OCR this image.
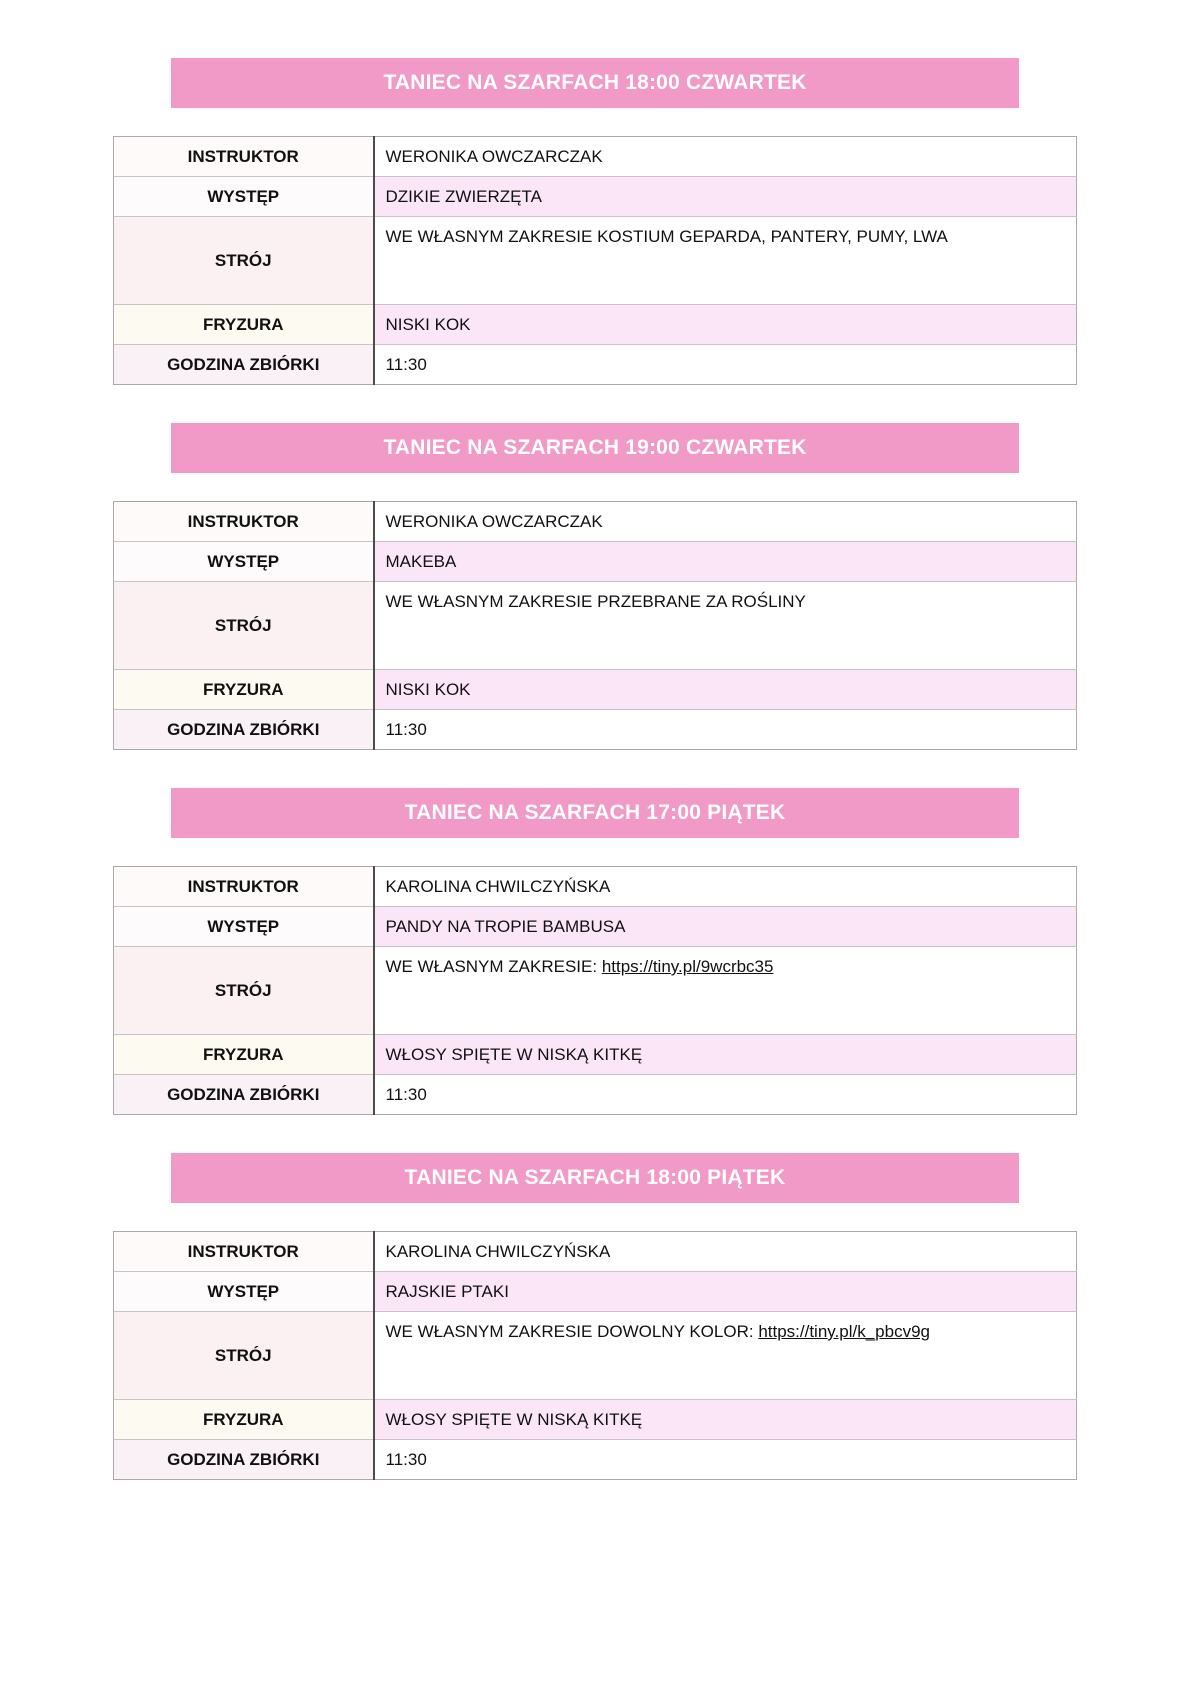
TANIEC NA SZARFACH 18:00 CZWARTEK
INSTRUKTOR	WERONIKA OWCZARCZAK
WYSTĘP	DZIKIE ZWIERZĘTA
STRÓJ	WE WŁASNYM ZAKRESIE KOSTIUM GEPARDA, PANTERY, PUMY, LWA
FRYZURA	NISKI KOK
GODZINA ZBIÓRKI	11:30
TANIEC NA SZARFACH 19:00 CZWARTEK
INSTRUKTOR	WERONIKA OWCZARCZAK
WYSTĘP	MAKEBA
STRÓJ	WE WŁASNYM ZAKRESIE PRZEBRANE ZA ROŚLINY
FRYZURA	NISKI KOK
GODZINA ZBIÓRKI	11:30
TANIEC NA SZARFACH 17:00 PIĄTEK
INSTRUKTOR	KAROLINA CHWILCZYŃSKA
WYSTĘP	PANDY NA TROPIE BAMBUSA
STRÓJ	WE WŁASNYM ZAKRESIE: https://tiny.pl/9wcrbc35
FRYZURA	WŁOSY SPIĘTE W NISKĄ KITKĘ
GODZINA ZBIÓRKI	11:30
TANIEC NA SZARFACH 18:00 PIĄTEK
INSTRUKTOR	KAROLINA CHWILCZYŃSKA
WYSTĘP	RAJSKIE PTAKI
STRÓJ	WE WŁASNYM ZAKRESIE DOWOLNY KOLOR: https://tiny.pl/k_pbcv9g
FRYZURA	WŁOSY SPIĘTE W NISKĄ KITKĘ
GODZINA ZBIÓRKI	11:30
